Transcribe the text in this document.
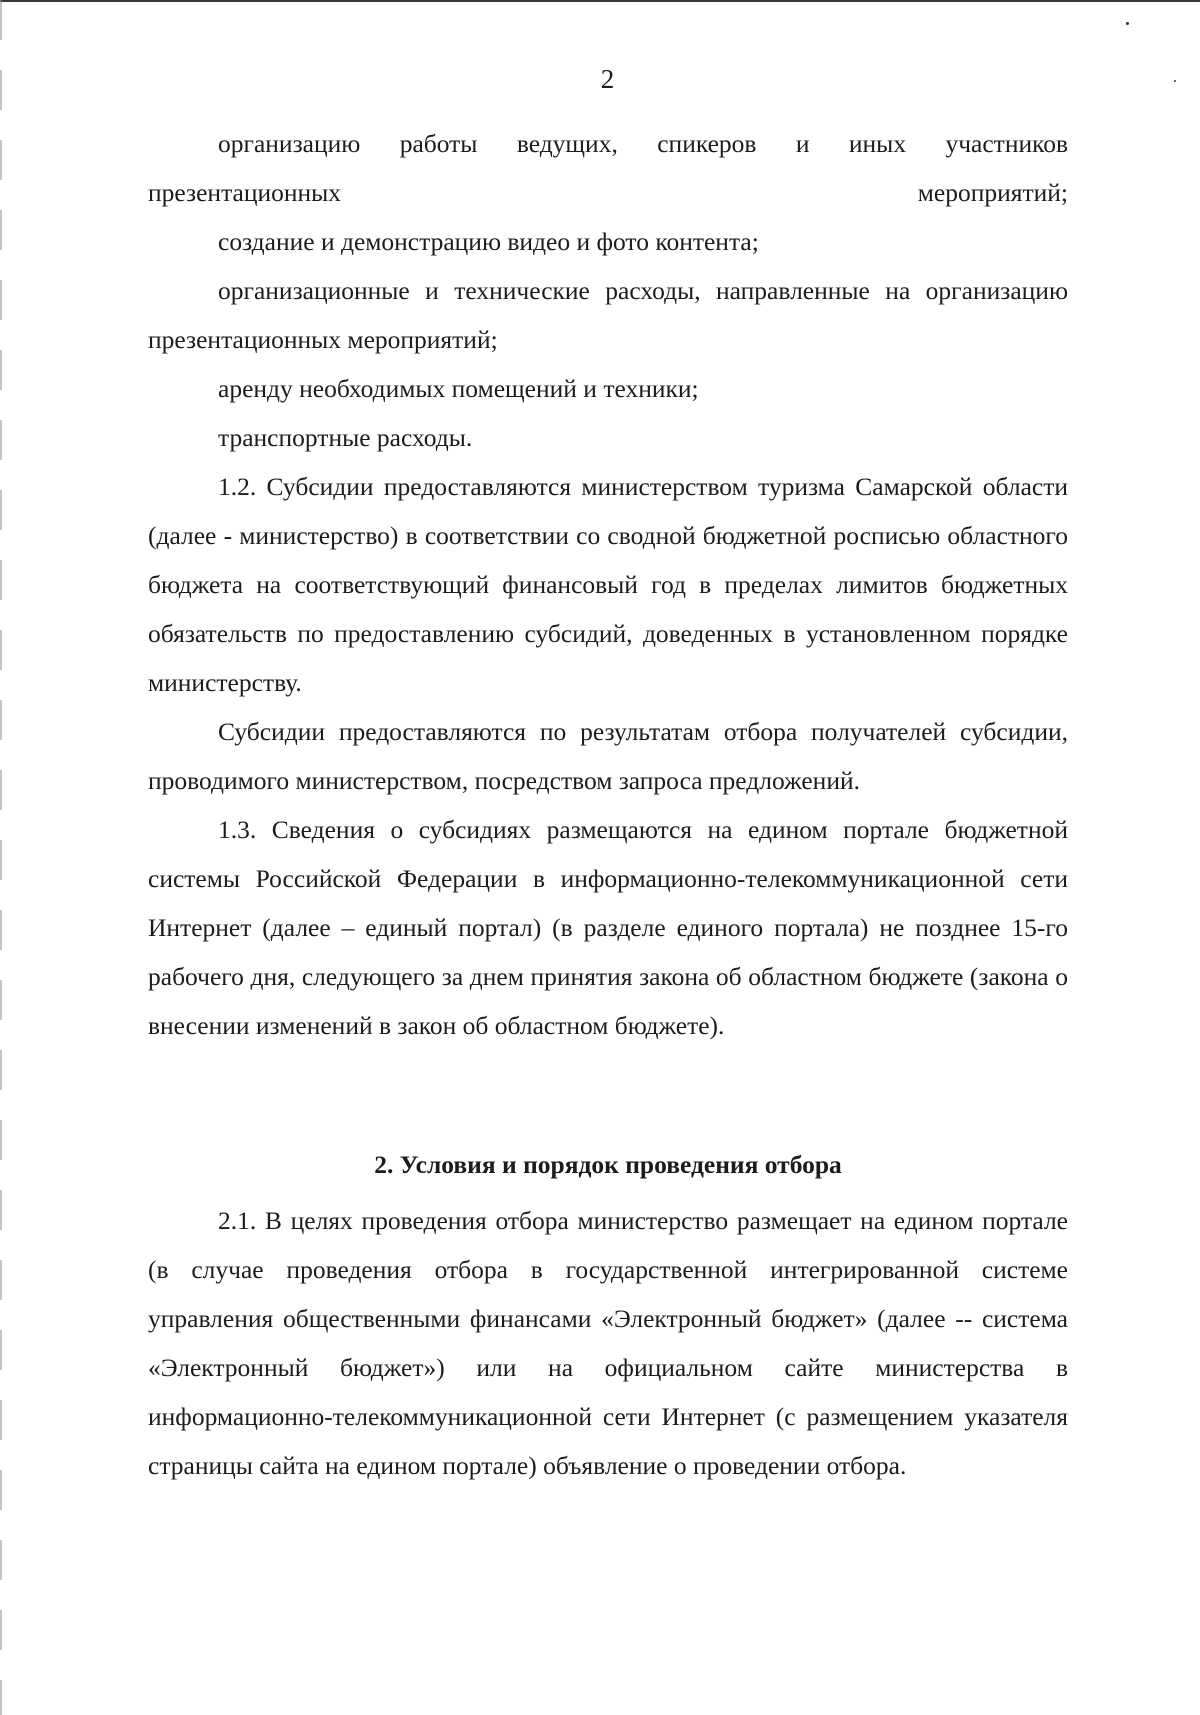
2

организацию работы ведущих, спикеров и иных участников презентационных мероприятий;

создание и демонстрацию видео и фото контента;

организационные и технические расходы, направленные на организацию презентационных мероприятий;

аренду необходимых помещений и техники;

транспортные расходы.

1.2. Субсидии предоставляются министерством туризма Самарской области (далее - министерство) в соответствии со сводной бюджетной росписью областного бюджета на соответствующий финансовый год в пределах лимитов бюджетных обязательств по предоставлению субсидий, доведенных в установленном порядке министерству.

Субсидии предоставляются по результатам отбора получателей субсидии, проводимого министерством, посредством запроса предложений.

1.3. Сведения о субсидиях размещаются на едином портале бюджетной системы Российской Федерации в информационно-телекоммуникационной сети Интернет (далее – единый портал) (в разделе единого портала) не позднее 15-го рабочего дня, следующего за днем принятия закона об областном бюджете (закона о внесении изменений в закон об областном бюджете).

2. Условия и порядок проведения отбора

2.1. В целях проведения отбора министерство размещает на едином портале (в случае проведения отбора в государственной интегрированной системе управления общественными финансами «Электронный бюджет» (далее -- система «Электронный бюджет») или на официальном сайте министерства в информационно-телекоммуникационной сети Интернет (с размещением указателя страницы сайта на едином портале) объявление о проведении отбора.
